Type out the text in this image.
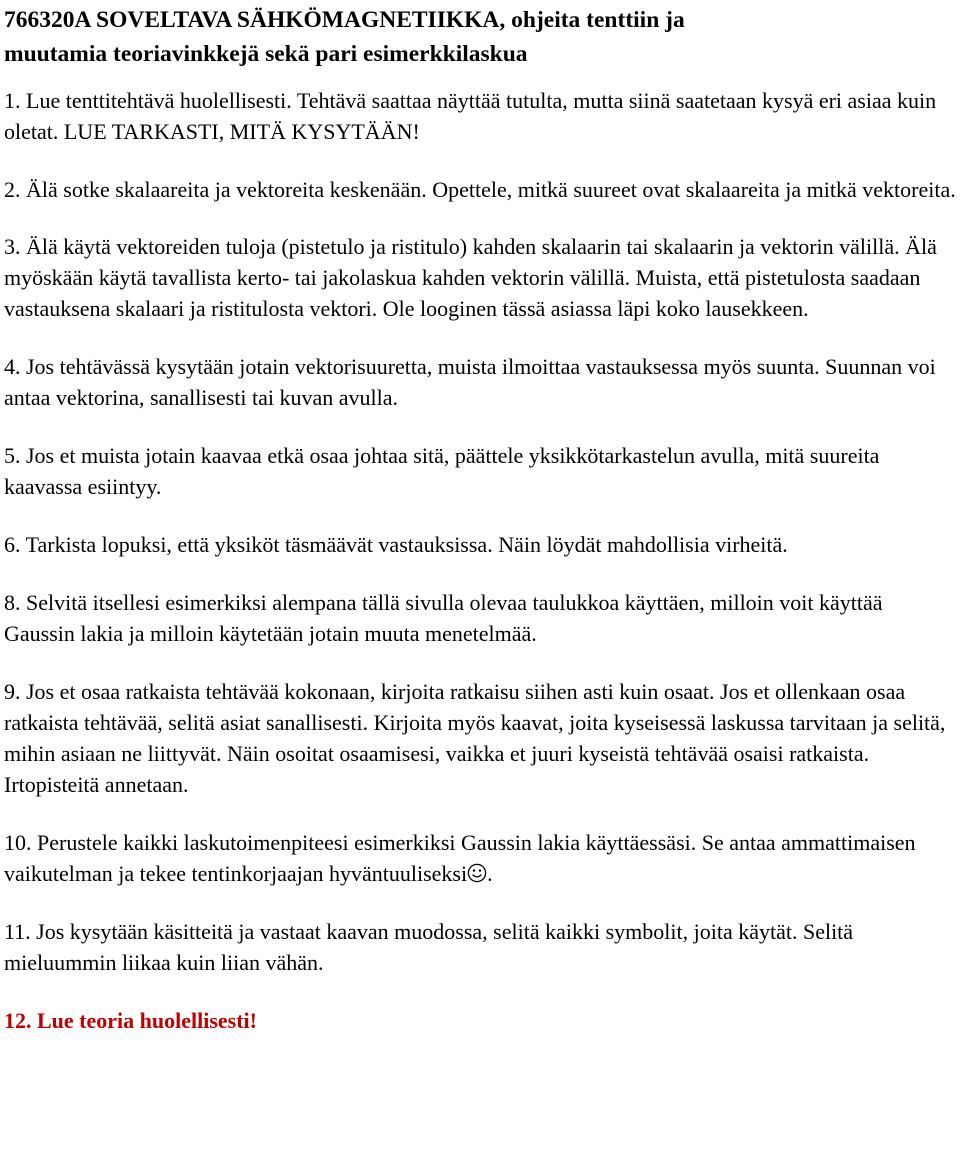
766320A SOVELTAVA SÄHKÖMAGNETIIKKA, ohjeita tenttiin ja
muutamia teoriavinkkejä sekä pari esimerkkilaskua

1. Lue tenttitehtävä huolellisesti. Tehtävä saattaa näyttää tutulta, mutta siinä saatetaan kysyä eri asiaa kuin oletat. LUE TARKASTI, MITÄ KYSYTÄÄN!

2. Älä sotke skalaareita ja vektoreita keskenään. Opettele, mitkä suureet ovat skalaareita ja mitkä vektoreita.

3. Älä käytä vektoreiden tuloja (pistetulo ja ristitulo) kahden skalaarin tai skalaarin ja vektorin välillä. Älä myöskään käytä tavallista kerto- tai jakolaskua kahden vektorin välillä. Muista, että pistetulosta saadaan vastauksena skalaari ja ristitulosta vektori. Ole looginen tässä asiassa läpi koko lausekkeen.

4. Jos tehtävässä kysytään jotain vektorisuuretta, muista ilmoittaa vastauksessa myös suunta. Suunnan voi antaa vektorina, sanallisesti tai kuvan avulla.

5. Jos et muista jotain kaavaa etkä osaa johtaa sitä, päättele yksikkötarkastelun avulla, mitä suureita kaavassa esiintyy.

6. Tarkista lopuksi, että yksiköt täsmäävät vastauksissa. Näin löydät mahdollisia virheitä.

8. Selvitä itsellesi esimerkiksi alempana tällä sivulla olevaa taulukkoa käyttäen, milloin voit käyttää Gaussin lakia ja milloin käytetään jotain muuta menetelmää.

9. Jos et osaa ratkaista tehtävää kokonaan, kirjoita ratkaisu siihen asti kuin osaat. Jos et ollenkaan osaa ratkaista tehtävää, selitä asiat sanallisesti. Kirjoita myös kaavat, joita kyseisessä laskussa tarvitaan ja selitä, mihin asiaan ne liittyvät. Näin osoitat osaamisesi, vaikka et juuri kyseistä tehtävää osaisi ratkaista. Irtopisteitä annetaan.

10. Perustele kaikki laskutoimenpiteesi esimerkiksi Gaussin lakia käyttäessäsi. Se antaa ammattimaisen vaikutelman ja tekee tentinkorjaajan hyväntuuliseksi .

11. Jos kysytään käsitteitä ja vastaat kaavan muodossa, selitä kaikki symbolit, joita käytät. Selitä mieluummin liikaa kuin liian vähän.

12. Lue teoria huolellisesti!
